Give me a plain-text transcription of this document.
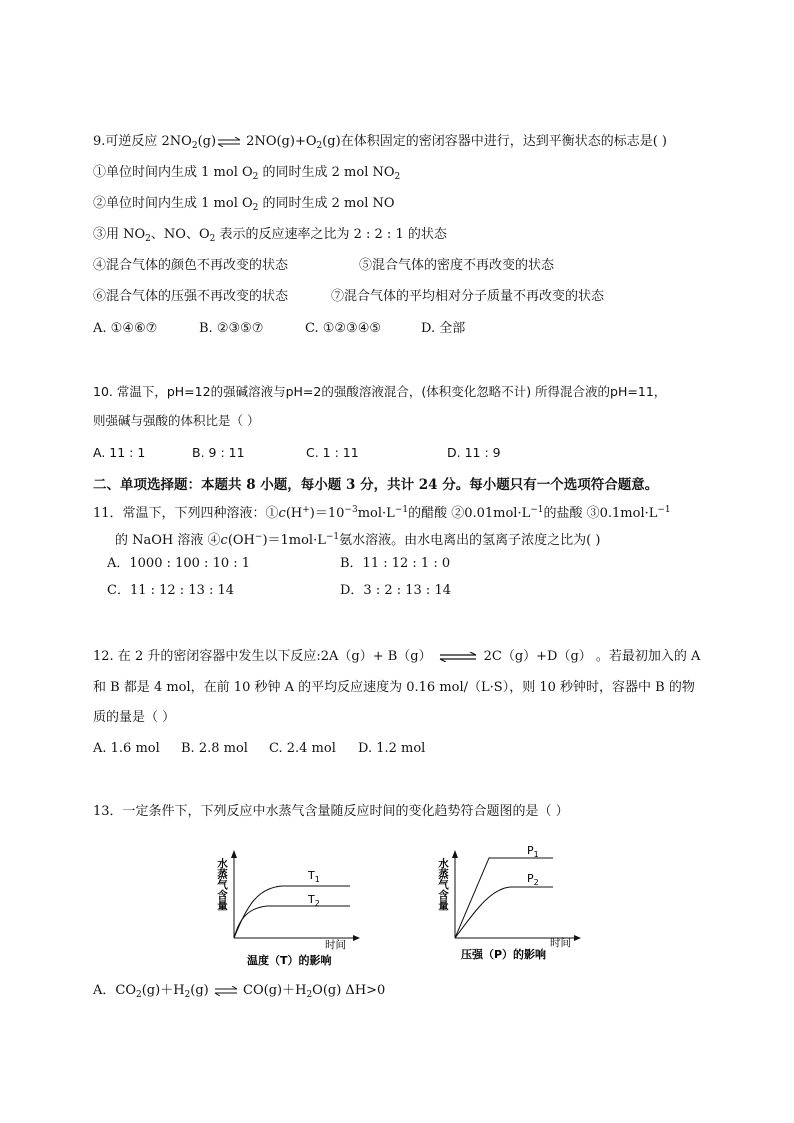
9.可逆反应 $2NO_2(g)\rightleftharpoons$ $2NO(g)+O_2(g)$在体积固定的密闭容器中进行，达到平衡状态的标志是( )
①单位时间内生成 1 mol $O_2$ 的同时生成 2 mol $NO_2$
②单位时间内生成 1 mol $O_2$ 的同时生成 2 mol NO
③用 $NO_2$、NO、$O_2$ 表示的反应速率之比为 2 : 2 : 1 的状态
④混合气体的颜色不再改变的状态	⑤混合气体的密度不再改变的状态
⑥混合气体的压强不再改变的状态	⑦混合气体的平均相对分子质量不再改变的状态
A. ①④⑥⑦	B. ②③⑤⑦	C. ①②③④⑤	D. 全部
10. 常温下，pH=12的强碱溶液与pH=2的强酸溶液混合，(体积变化忽略不计) 所得混合液的pH=11，
则强碱与强酸的体积比是（ ）
A. 11 : 1	B. 9 : 11	C. 1 : 11	D. 11 : 9
二、单项选择题：本题共 8 小题，每小题 3 分，共计 24 分。每小题只有一个选项符合题意。
11．常温下，下列四种溶液：$①c(H^+)=10^{-3}mol\cdot L^{-1}$的醋酸 $②0.01mol\cdot L^{-1}$的盐酸 $③0.1mol\cdot L^{-1}$
的 NaOH 溶液 $④c(OH^-)=1mol\cdot L^{-1}$氨水溶液。由水电离出的氢离子浓度之比为( )
A．1000 : 100 : 10 : 1	B．11 : 12 : 1 : 0
C．11 : 12 : 13 : 14	D．3 : 2 : 13 : 14
12. 在 2 升的密闭容器中发生以下反应:2A（g）+ B（g） ⇌ 2C（g）+D（g） 。若最初加入的 A
和 B 都是 4 mol，在前 10 秒钟 A 的平均反应速度为 0.16 mol/（L·S），则 10 秒钟时，容器中 B 的物
质的量是（ ）
A. 1.6 mol B. 2.8 mol C. 2.4 mol D. 1.2 mol
13．一定条件下，下列反应中水蒸气含量随反应时间的变化趋势符合题图的是（ ）
水蒸气含量
时间
$T_1$
$T_2$
温度（T）的影响
水蒸气含量
时间
$P_1$
$P_2$
压强（P）的影响
A．$CO_2(g)+H_2(g)$ ⇌ $CO(g)+H_2O(g)$ ΔH>0
